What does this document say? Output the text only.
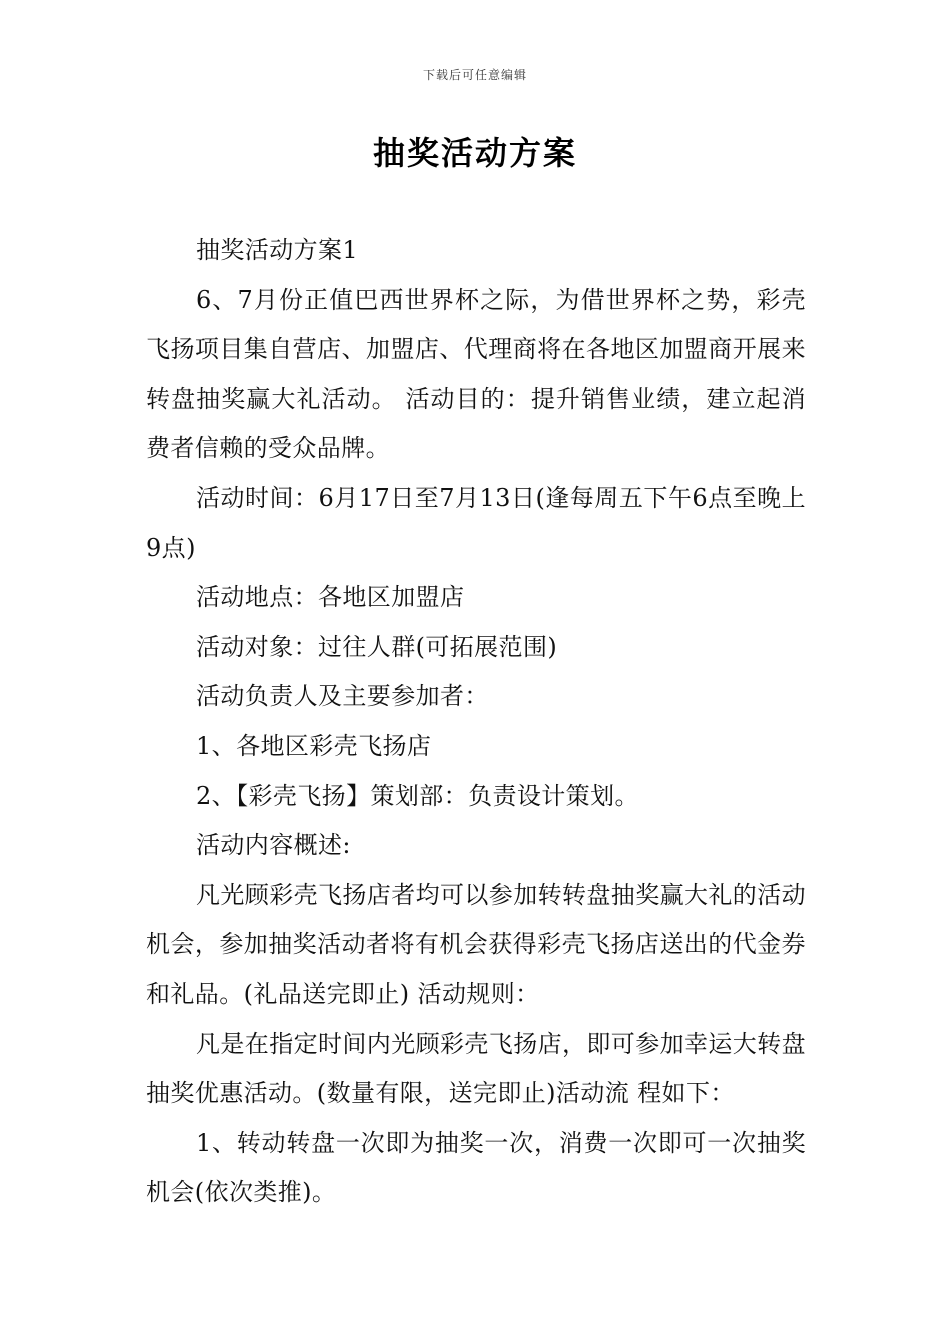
下载后可任意编辑
抽奖活动方案

抽奖活动方案1

6、7月份正值巴西世界杯之际，为借世界杯之势，彩壳飞扬项目集自营店、加盟店、代理商将在各地区加盟商开展来转盘抽奖赢大礼活动。 活动目的：提升销售业绩，建立起消费者信赖的受众品牌。

活动时间：6月17日至7月13日(逢每周五下午6点至晚上9点)

活动地点：各地区加盟店

活动对象：过往人群(可拓展范围)

活动负责人及主要参加者：

1、各地区彩壳飞扬店

2、【彩壳飞扬】策划部：负责设计策划。

活动内容概述:

凡光顾彩壳飞扬店者均可以参加转转盘抽奖赢大礼的活动机会，参加抽奖活动者将有机会获得彩壳飞扬店送出的代金券和礼品。(礼品送完即止) 活动规则：

凡是在指定时间内光顾彩壳飞扬店，即可参加幸运大转盘抽奖优惠活动。(数量有限，送完即止)活动流 程如下：

1、转动转盘一次即为抽奖一次，消费一次即可一次抽奖机会(依次类推)。
